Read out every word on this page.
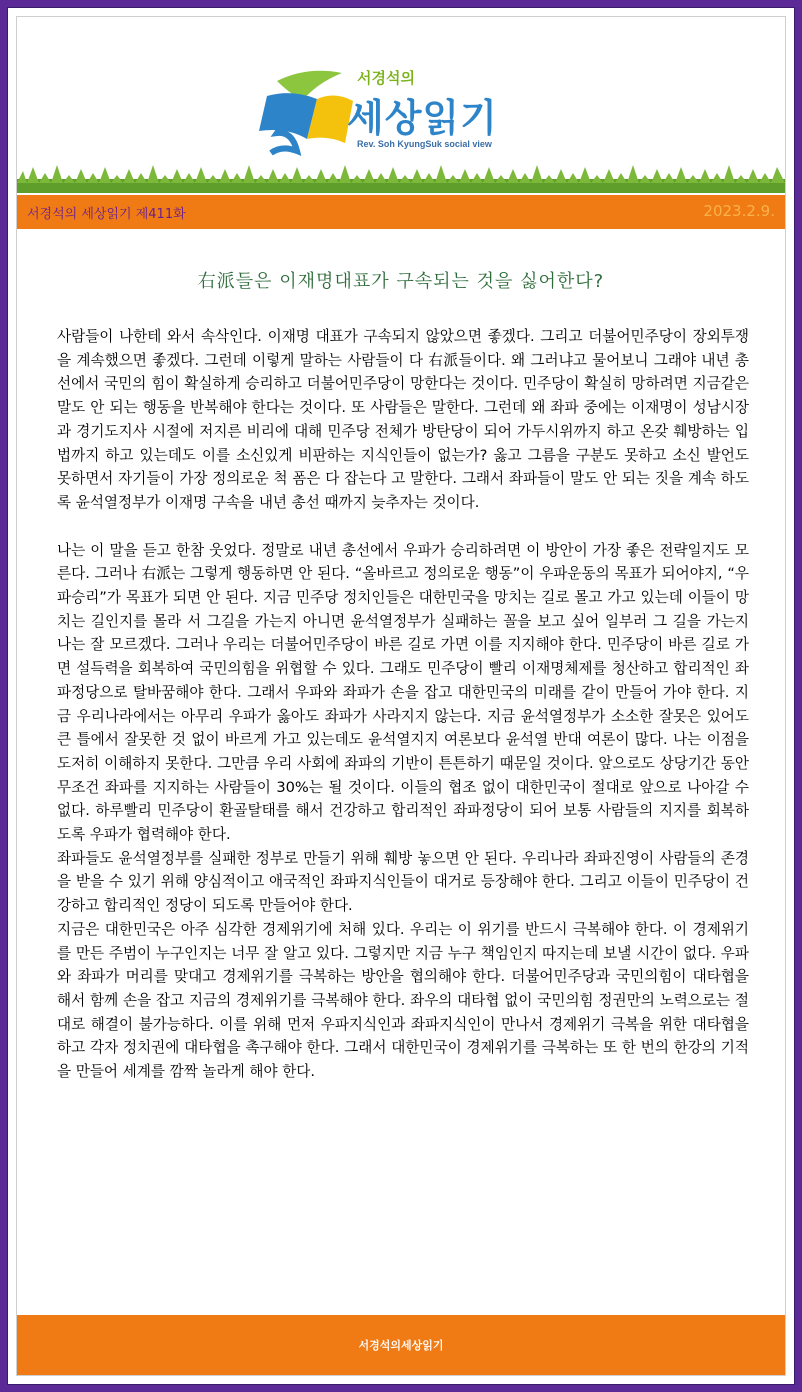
서경석의
세상읽기
Rev. Soh KyungSuk social view
서경석의 세상읽기 제411화	2023.2.9.
右派들은 이재명대표가 구속되는 것을 싫어한다?

사람들이 나한테 와서 속삭인다. 이재명 대표가 구속되지 않았으면 좋겠다. 그리고 더불어민주당이 장외투쟁을 계속했으면 좋겠다. 그런데 이렇게 말하는 사람들이 다 右派들이다. 왜 그러냐고 물어보니 그래야 내년 총선에서 국민의 힘이 확실하게 승리하고 더불어민주당이 망한다는 것이다. 민주당이 확실히 망하려면 지금같은 말도 안 되는 행동을 반복해야 한다는 것이다. 또 사람들은 말한다. 그런데 왜 좌파 중에는 이재명이 성남시장과 경기도지사 시절에 저지른 비리에 대해 민주당 전체가 방탄당이 되어 가두시위까지 하고 온갖 훼방하는 입법까지 하고 있는데도 이를 소신있게 비판하는 지식인들이 없는가? 옳고 그름을 구분도 못하고 소신 발언도 못하면서 자기들이 가장 정의로운 척 폼은 다 잡는다 고 말한다. 그래서 좌파들이 말도 안 되는 짓을 계속 하도록 윤석열정부가 이재명 구속을 내년 총선 때까지 늦추자는 것이다.

나는 이 말을 듣고 한참 웃었다. 정말로 내년 총선에서 우파가 승리하려면 이 방안이 가장 좋은 전략일지도 모른다. 그러나 右派는 그렇게 행동하면 안 된다. “올바르고 정의로운 행동”이 우파운동의 목표가 되어야지, “우파승리”가 목표가 되면 안 된다. 지금 민주당 정치인들은 대한민국을 망치는 길로 몰고 가고 있는데 이들이 망치는 길인지를 몰라 서 그길을 가는지 아니면 윤석열정부가 실패하는 꼴을 보고 싶어 일부러 그 길을 가는지 나는 잘 모르겠다. 그러나 우리는 더불어민주당이 바른 길로 가면 이를 지지해야 한다. 민주당이 바른 길로 가면 설득력을 회복하여 국민의힘을 위협할 수 있다. 그래도 민주당이 빨리 이재명체제를 청산하고 합리적인 좌파정당으로 탈바꿈해야 한다. 그래서 우파와 좌파가 손을 잡고 대한민국의 미래를 같이 만들어 가야 한다. 지금 우리나라에서는 아무리 우파가 옳아도 좌파가 사라지지 않는다. 지금 윤석열정부가 소소한 잘못은 있어도 큰 틀에서 잘못한 것 없이 바르게 가고 있는데도 윤석열지지 여론보다 윤석열 반대 여론이 많다. 나는 이점을 도저히 이해하지 못한다. 그만큼 우리 사회에 좌파의 기반이 튼튼하기 때문일 것이다. 앞으로도 상당기간 동안 무조건 좌파를 지지하는 사람들이 30%는 될 것이다. 이들의 협조 없이 대한민국이 절대로 앞으로 나아갈 수 없다. 하루빨리 민주당이 환골탈태를 해서 건강하고 합리적인 좌파정당이 되어 보통 사람들의 지지를 회복하도록 우파가 협력해야 한다.

좌파들도 윤석열정부를 실패한 정부로 만들기 위해 훼방 놓으면 안 된다. 우리나라 좌파진영이 사람들의 존경을 받을 수 있기 위해 양심적이고 애국적인 좌파지식인들이 대거로 등장해야 한다. 그리고 이들이 민주당이 건강하고 합리적인 정당이 되도록 만들어야 한다.

지금은 대한민국은 아주 심각한 경제위기에 처해 있다. 우리는 이 위기를 반드시 극복해야 한다. 이 경제위기를 만든 주범이 누구인지는 너무 잘 알고 있다. 그렇지만 지금 누구 책임인지 따지는데 보낼 시간이 없다. 우파와 좌파가 머리를 맞대고 경제위기를 극복하는 방안을 협의해야 한다. 더불어민주당과 국민의힘이 대타협을 해서 함께 손을 잡고 지금의 경제위기를 극복해야 한다. 좌우의 대타협 없이 국민의힘 정권만의 노력으로는 절대로 해결이 불가능하다. 이를 위해 먼저 우파지식인과 좌파지식인이 만나서 경제위기 극복을 위한 대타협을 하고 각자 정치권에 대타협을 촉구해야 한다. 그래서 대한민국이 경제위기를 극복하는 또 한 번의 한강의 기적을 만들어 세계를 깜짝 놀라게 해야 한다.

서경석의세상읽기
